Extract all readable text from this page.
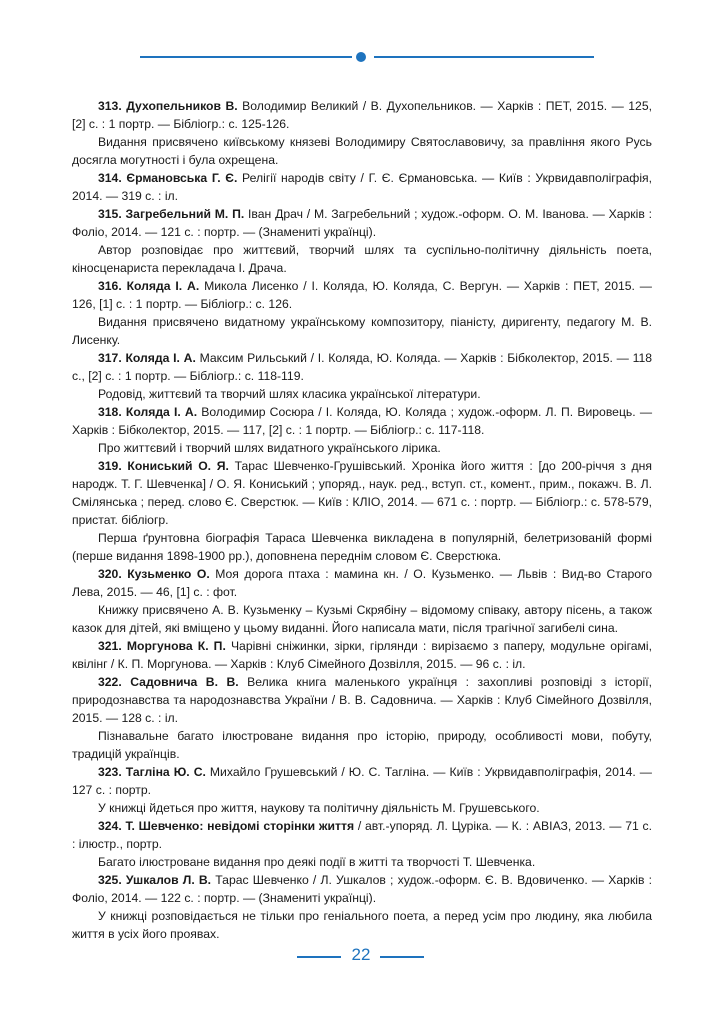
313. Духопельников В. Володимир Великий / В. Духопельников. — Харків : ПЕТ, 2015. — 125, [2] с. : 1 портр. — Бібліогр.: с. 125-126.

Видання присвячено київському князеві Володимиру Святославовичу, за правління якого Русь досягла могутності і була охрещена.

314. Єрмановська Г. Є. Релігії народів світу / Г. Є. Єрмановська. — Київ : Укрвидавполіграфія, 2014. — 319 с. : іл.

315. Загребельний М. П. Іван Драч / М. Загребельний ; худож.-оформ. О. М. Іванова. — Харків : Фоліо, 2014. — 121 с. : портр. — (Знамениті українці).

Автор розповідає про життєвий, творчий шлях та суспільно-політичну діяльність поета, кіносценариста перекладача І. Драча.

316. Коляда І. А. Микола Лисенко / І. Коляда, Ю. Коляда, С. Вергун. — Харків : ПЕТ, 2015. — 126, [1] с. : 1 портр. — Бібліогр.: с. 126.

Видання присвячено видатному українському композитору, піаністу, диригенту, педагогу М. В. Лисенку.

317. Коляда І. А. Максим Рильський / І. Коляда, Ю. Коляда. — Харків : Бібколектор, 2015. — 118 с., [2] с. : 1 портр. — Бібліогр.: с. 118-119.

Родовід, життєвий та творчий шлях класика української літератури.

318. Коляда І. А. Володимир Сосюра / І. Коляда, Ю. Коляда ; худож.-оформ. Л. П. Вировець. — Харків : Бібколектор, 2015. — 117, [2] с. : 1 портр. — Бібліогр.: с. 117-118.

Про життєвий і творчий шлях видатного українського лірика.

319. Кониський О. Я. Тарас Шевченко-Грушівський. Хроніка його життя : [до 200-річчя з дня народж. Т. Г. Шевченка] / О. Я. Кониський ; упоряд., наук. ред., вступ. ст., комент., прим., покажч. В. Л. Смілянська ; перед. слово Є. Сверстюк. — Київ : КЛІО, 2014. — 671 с. : портр. — Бібліогр.: с. 578-579, пристат. бібліогр.

Перша ґрунтовна біографія Тараса Шевченка викладена в популярній, белетризованій формі (перше видання 1898-1900 рр.), доповнена переднім словом Є. Сверстюка.

320. Кузьменко О. Моя дорога птаха : мамина кн. / О. Кузьменко. — Львів : Вид-во Старого Лева, 2015. — 46, [1] с. : фот.

Книжку присвячено А. В. Кузьменку – Кузьмі Скрябіну – відомому співаку, автору пісень, а також казок для дітей, які вміщено у цьому виданні. Його написала мати, після трагічної загибелі сина.

321. Моргунова К. П. Чарівні сніжинки, зірки, гірлянди : вирізаємо з паперу, модульне орігамі, квілінг / К. П. Моргунова. — Харків : Клуб Сімейного Дозвілля, 2015. — 96 с. : іл.

322. Садовнича В. В. Велика книга маленького українця : захопливі розповіді з історії, природознавства та народознавства України / В. В. Садовнича. — Харків : Клуб Сімейного Дозвілля, 2015. — 128 с. : іл.

Пізнавальне багато ілюстроване видання про історію, природу, особливості мови, побуту, традицій українців.

323. Тагліна Ю. С. Михайло Грушевський / Ю. С. Тагліна. — Київ : Укрвидавполіграфія, 2014. — 127 с. : портр.

У книжці йдеться про життя, наукову та політичну діяльність М. Грушевського.

324. Т. Шевченко: невідомі сторінки життя / авт.-упоряд. Л. Цуріка. — К. : АВІАЗ, 2013. — 71 с. : ілюстр., портр.

Багато ілюстроване видання про деякі події в житті та творчості Т. Шевченка.

325. Ушкалов Л. В. Тарас Шевченко / Л. Ушкалов ; худож.-оформ. Є. В. Вдовиченко. — Харків : Фоліо, 2014. — 122 с. : портр. — (Знамениті українці).

У книжці розповідається не тільки про геніального поета, а перед усім про людину, яка любила життя в усіх його проявах.

22
